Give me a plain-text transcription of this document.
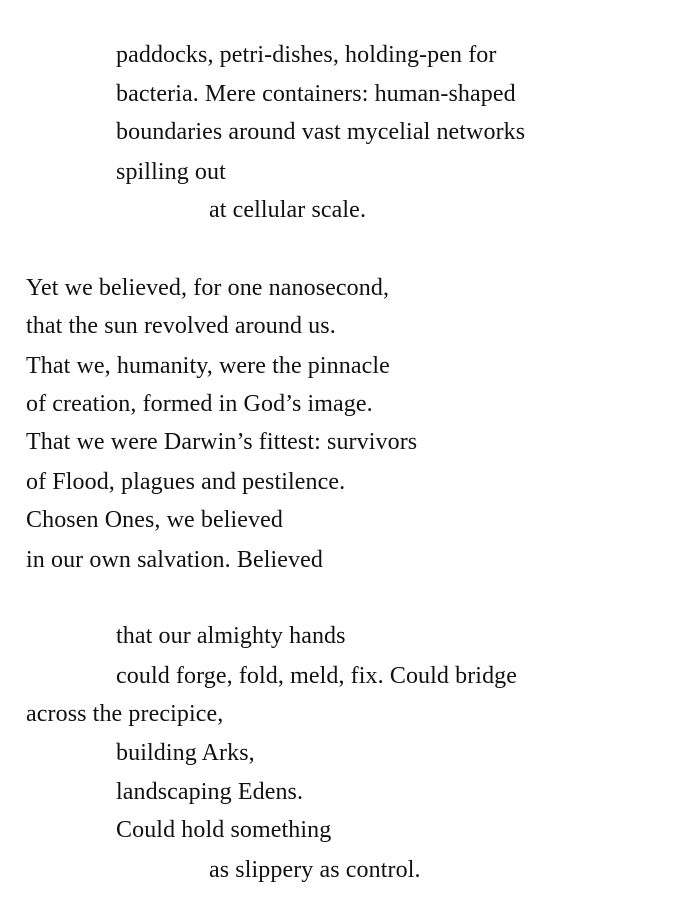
paddocks, petri-dishes, holding-pen for
bacteria. Mere containers: human-shaped
boundaries around vast mycelial networks
spilling out
at cellular scale.
Yet we believed, for one nanosecond,
that the sun revolved around us.
That we, humanity, were the pinnacle
of creation, formed in God’s image.
That we were Darwin’s fittest: survivors
of Flood, plagues and pestilence.
Chosen Ones, we believed
in our own salvation. Believed
that our almighty hands
could forge, fold, meld, fix. Could bridge
across the precipice,
building Arks,
landscaping Edens.
Could hold something
as slippery as control.
